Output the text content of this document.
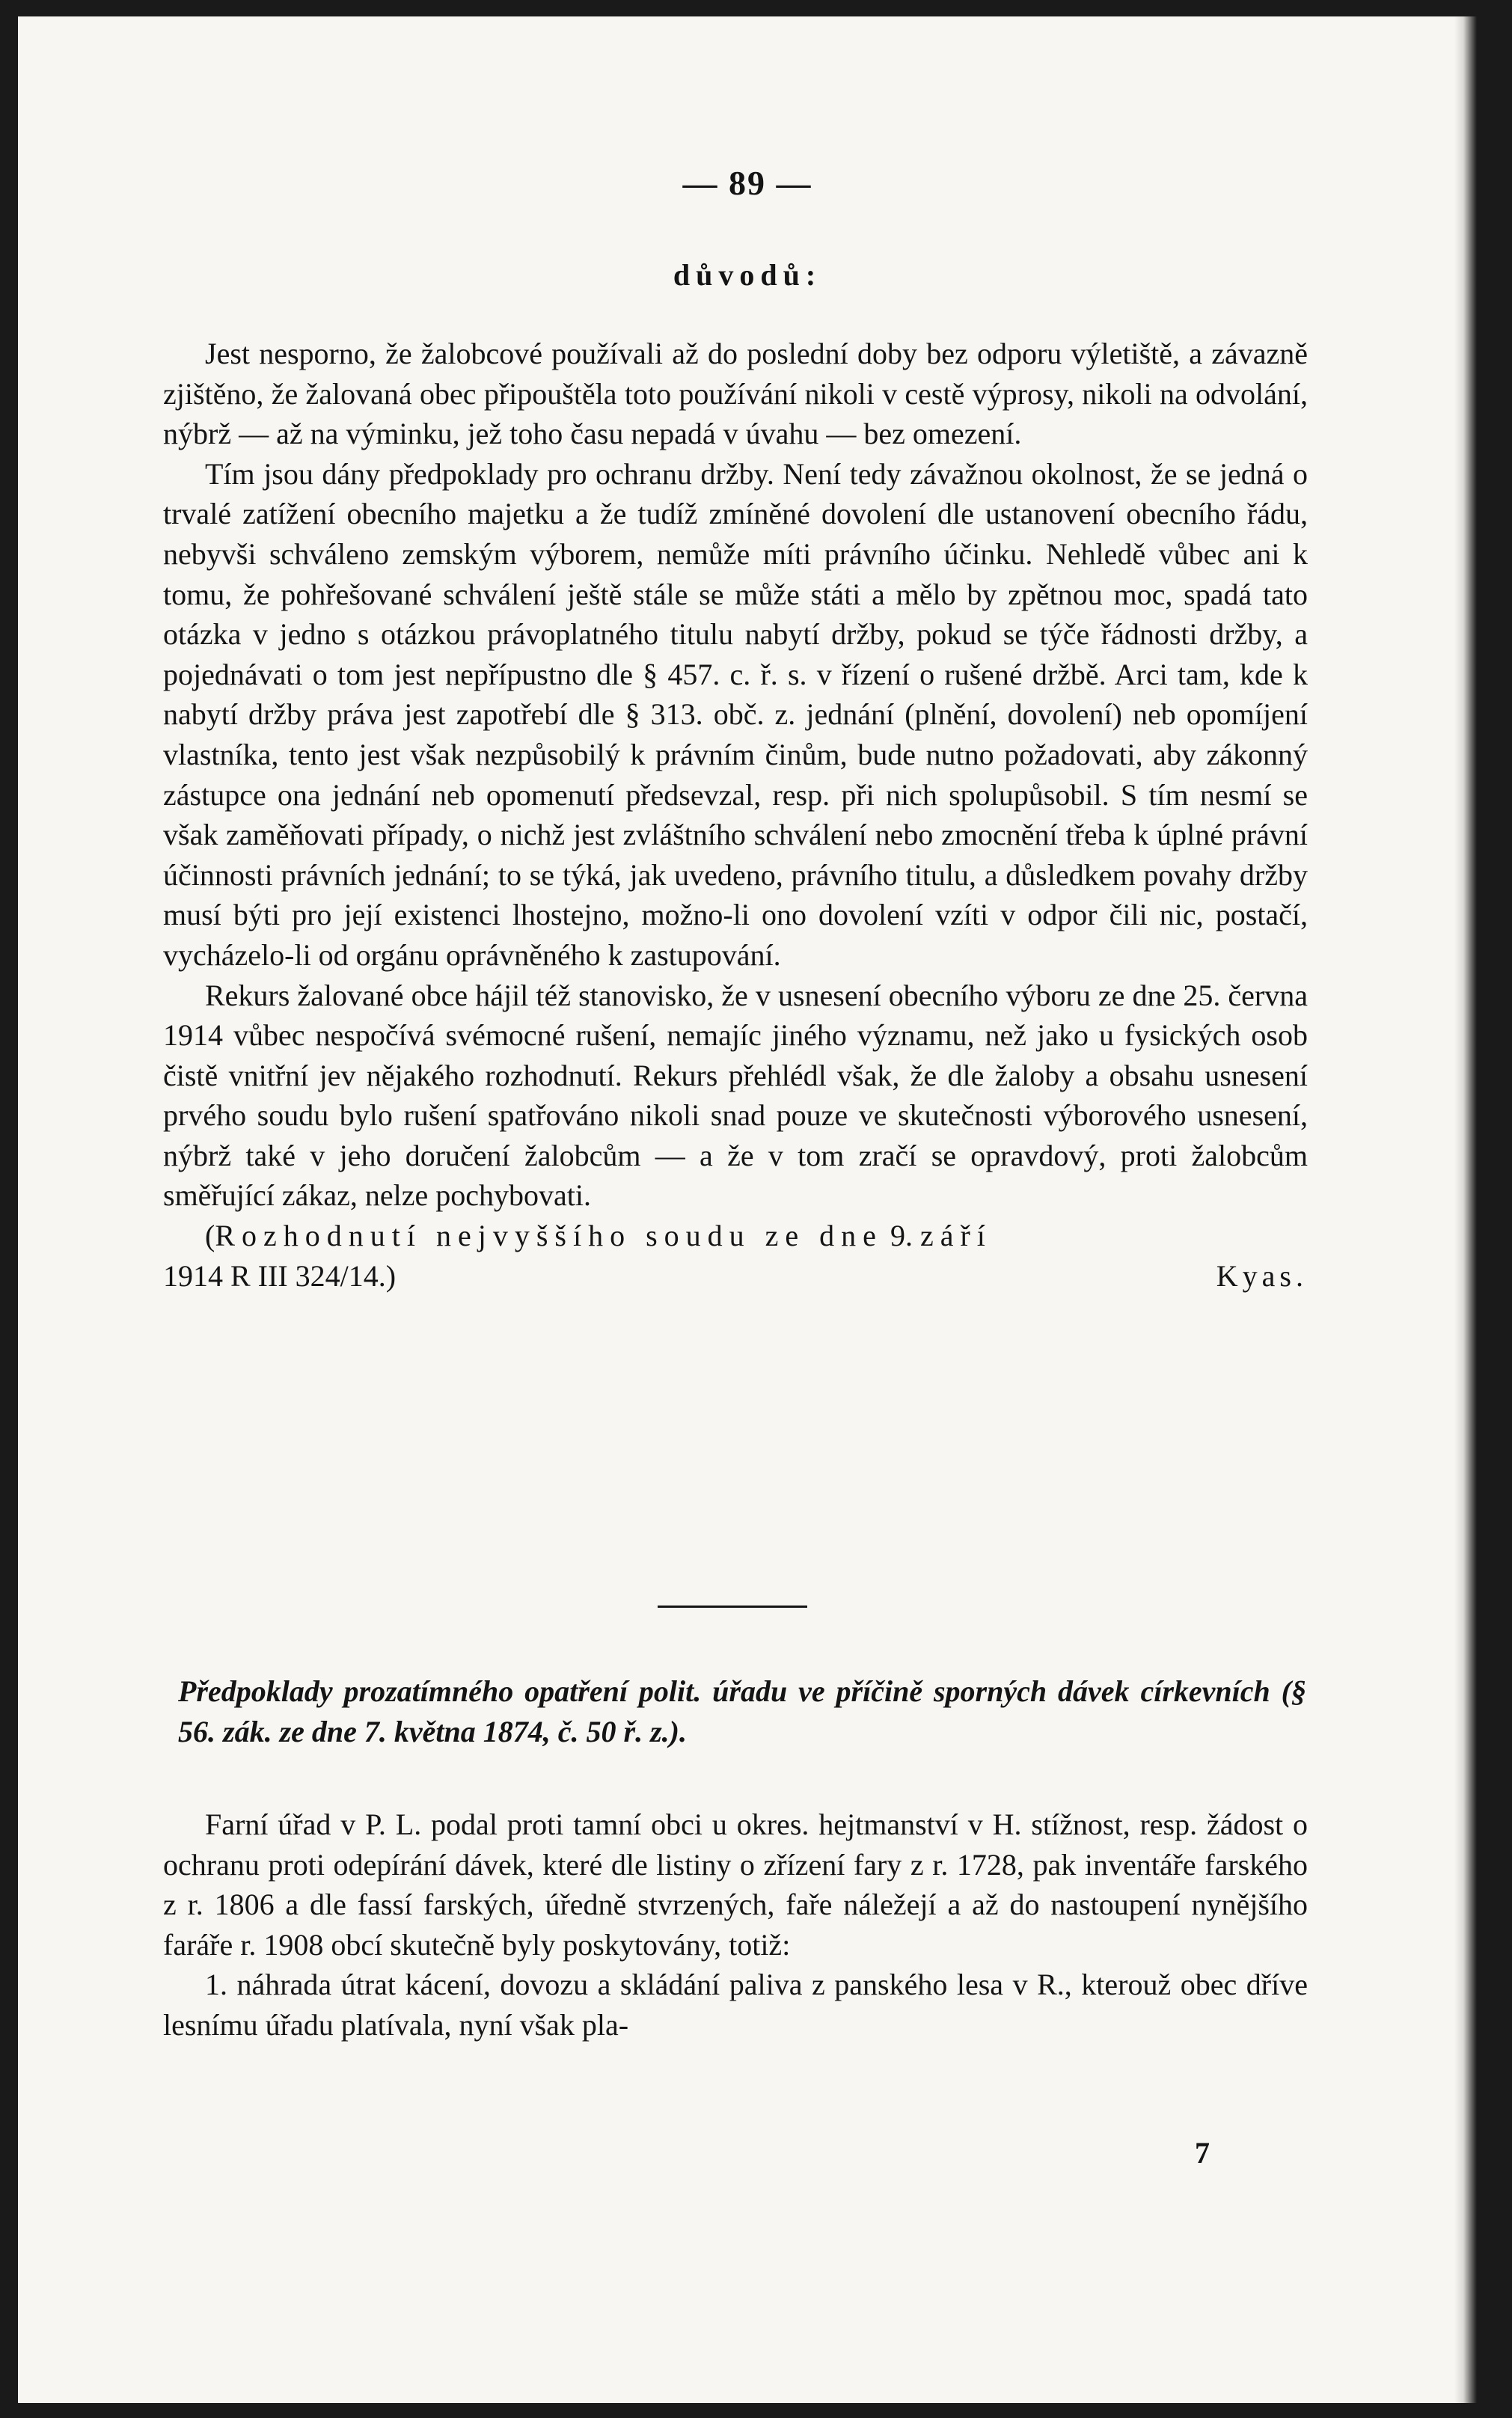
— 89 —
důvodů:

Jest nesporno, že žalobcové používali až do poslední doby bez odporu výletiště, a závazně zjištěno, že žalovaná obec připouštěla toto používání nikoli v cestě výprosy, nikoli na odvolání, nýbrž — až na výminku, jež toho času nepadá v úvahu — bez omezení.

Tím jsou dány předpoklady pro ochranu držby. Není tedy závažnou okolnost, že se jedná o trvalé zatížení obecního majetku a že tudíž zmíněné dovolení dle ustanovení obecního řádu, nebyvši schváleno zemským výborem, nemůže míti právního účinku. Nehledě vůbec ani k tomu, že pohřešované schválení ještě stále se může státi a mělo by zpětnou moc, spadá tato otázka v jedno s otázkou právoplatného titulu nabytí držby, pokud se týče řádnosti držby, a pojednávati o tom jest nepřípustno dle § 457. c. ř. s. v řízení o rušené držbě. Arci tam, kde k nabytí držby práva jest zapotřebí dle § 313. obč. z. jednání (plnění, dovolení) neb opomíjení vlastníka, tento jest však nezpůsobilý k právním činům, bude nutno požadovati, aby zákonný zástupce ona jednání neb opomenutí předsevzal, resp. při nich spolupůsobil. S tím nesmí se však zaměňovati případy, o nichž jest zvláštního schválení nebo zmocnění třeba k úplné právní účinnosti právních jednání; to se týká, jak uvedeno, právního titulu, a důsledkem povahy držby musí býti pro její existenci lhostejno, možno-li ono dovolení vzíti v odpor čili nic, postačí, vycházelo-li od orgánu oprávněného k zastupování.

Rekurs žalované obce hájil též stanovisko, že v usnesení obecního výboru ze dne 25. června 1914 vůbec nespočívá svémocné rušení, nemajíc jiného významu, než jako u fysických osob čistě vnitřní jev nějakého rozhodnutí. Rekurs přehlédl však, že dle žaloby a obsahu usnesení prvého soudu bylo rušení spatřováno nikoli snad pouze ve skutečnosti výborového usnesení, nýbrž také v jeho doručení žalobcům — a že v tom zračí se opravdový, proti žalobcům směřující zákaz, nelze pochybovati.

(Rozhodnutí nejvyššího soudu ze dne 9. září
1914 R III 324/14.)	Kyas.
Předpoklady prozatímného opatření polit. úřadu ve příčině sporných dávek církevních (§ 56. zák. ze dne 7. května 1874, č. 50 ř. z.).

Farní úřad v P. L. podal proti tamní obci u okres. hejtmanství v H. stížnost, resp. žádost o ochranu proti odepírání dávek, které dle listiny o zřízení fary z r. 1728, pak inventáře farského z r. 1806 a dle fassí farských, úředně stvrzených, faře náležejí a až do nastoupení nynějšího faráře r. 1908 obcí skutečně byly poskytovány, totiž:

1. náhrada útrat kácení, dovozu a skládání paliva z panského lesa v R., kterouž obec dříve lesnímu úřadu platívala, nyní však pla-

7
